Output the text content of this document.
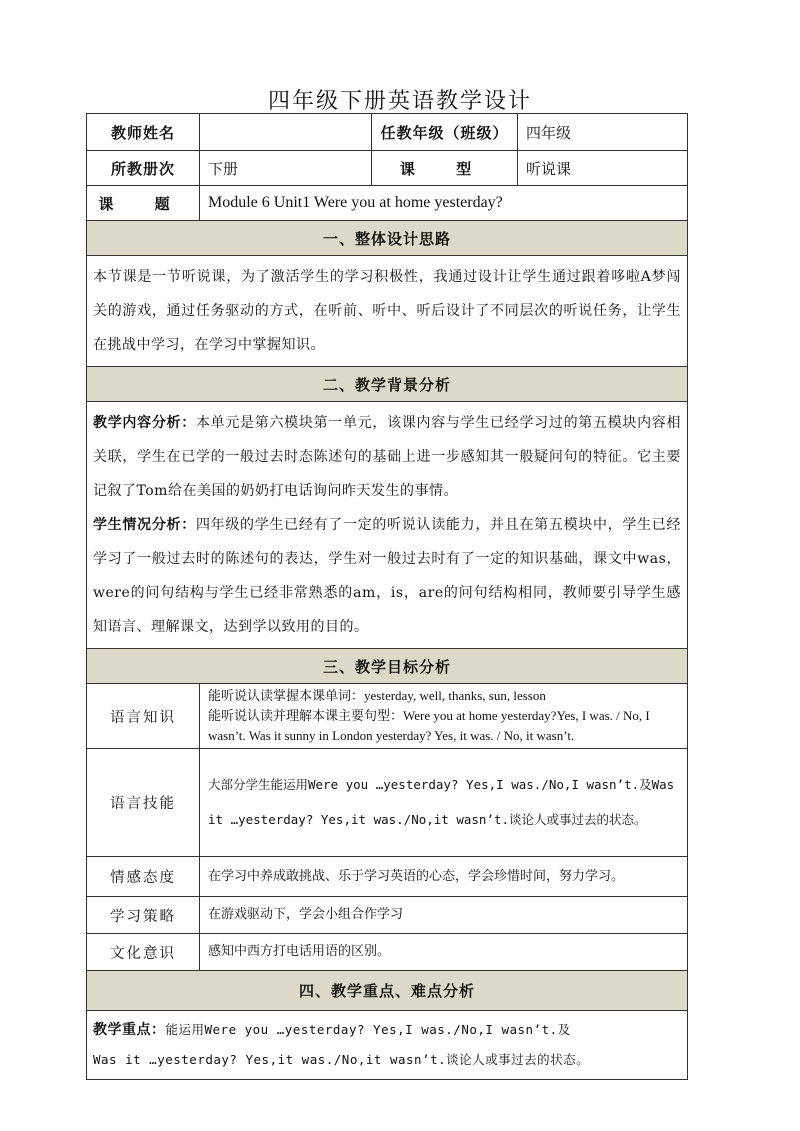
四年级下册英语教学设计
教师姓名		任教年级（班级）	四年级
所教册次	下册	课 型	听说课
课 题	Module 6 Unit1 Were you at home yesterday?		
一、整体设计思路			

本节课是一节听说课，为了激活学生的学习积极性，我通过设计让学生通过跟着哆啦A梦闯关的游戏，通过任务驱动的方式，在听前、听中、听后设计了不同层次的听说任务，让学生在挑战中学习，在学习中掌握知识。			

二、教学背景分析			

教学内容分析：本单元是第六模块第一单元，该课内容与学生已经学习过的第五模块内容相关联，学生在已学的一般过去时态陈述句的基础上进一步感知其一般疑问句的特征。它主要记叙了Tom给在美国的奶奶打电话询问昨天发生的事情。

学生情况分析：四年级的学生已经有了一定的听说认读能力，并且在第五模块中，学生已经学习了一般过去时的陈述句的表达，学生对一般过去时有了一定的知识基础，课文中was，were的问句结构与学生已经非常熟悉的am，is，are的问句结构相同，教师要引导学生感知语言、理解课文，达到学以致用的目的。			

三、教学目标分析			
语言知识	能听说认读掌握本课单词：yesterday, well, thanks, sun, lesson
能听说认读并理解本课主要句型：Were you at home yesterday?Yes, I was. / No, I wasn’t. Was it sunny in London yesterday? Yes, it was. / No, it wasn’t.		

语言技能	大部分学生能运用Were you …yesterday? Yes,I was./No,I wasn’t.及Was it …yesterday? Yes,it was./No,it wasn’t.谈论人或事过去的状态。		
情感态度	在学习中养成敢挑战、乐于学习英语的心态，学会珍惜时间，努力学习。		
学习策略	在游戏驱动下，学会小组合作学习		
文化意识	感知中西方打电话用语的区别。		
四、教学重点、难点分析			

教学重点：能运用Were you …yesterday? Yes,I was./No,I wasn’t.及
Was it …yesterday? Yes,it was./No,it wasn’t.谈论人或事过去的状态。			
